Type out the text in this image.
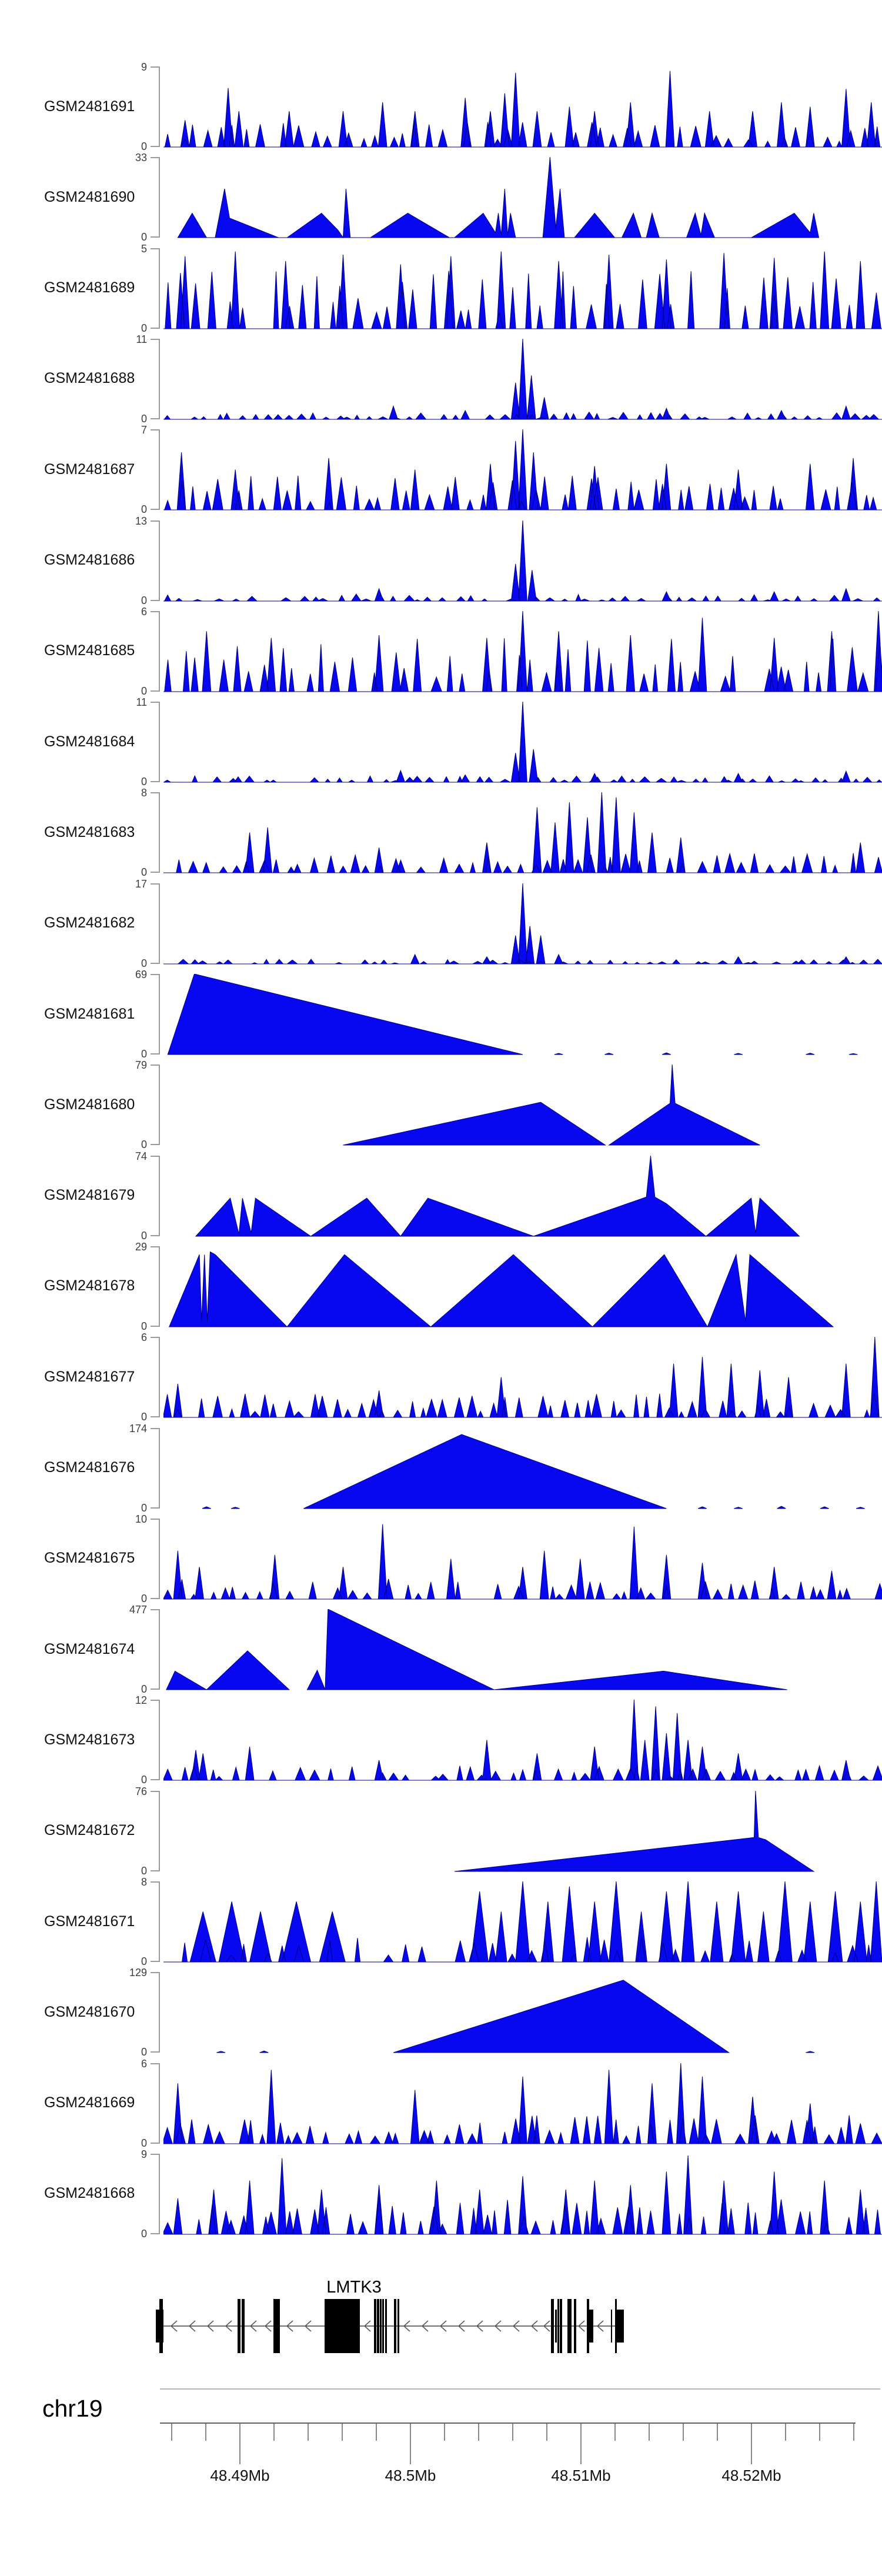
GSM2481691
9
0
GSM2481690
33
0
GSM2481689
5
0
GSM2481688
11
0
GSM2481687
7
0
GSM2481686
13
0
GSM2481685
6
0
GSM2481684
11
0
GSM2481683
8
0
GSM2481682
17
0
GSM2481681
69
0
GSM2481680
79
0
GSM2481679
74
0
GSM2481678
29
0
GSM2481677
6
0
GSM2481676
174
0
GSM2481675
10
0
GSM2481674
477
0
GSM2481673
12
0
GSM2481672
76
0
GSM2481671
8
0
GSM2481670
129
0
GSM2481669
6
0
GSM2481668
9
0
LMTK3
chr19
48.49Mb	48.5Mb	48.51Mb	48.52Mb
